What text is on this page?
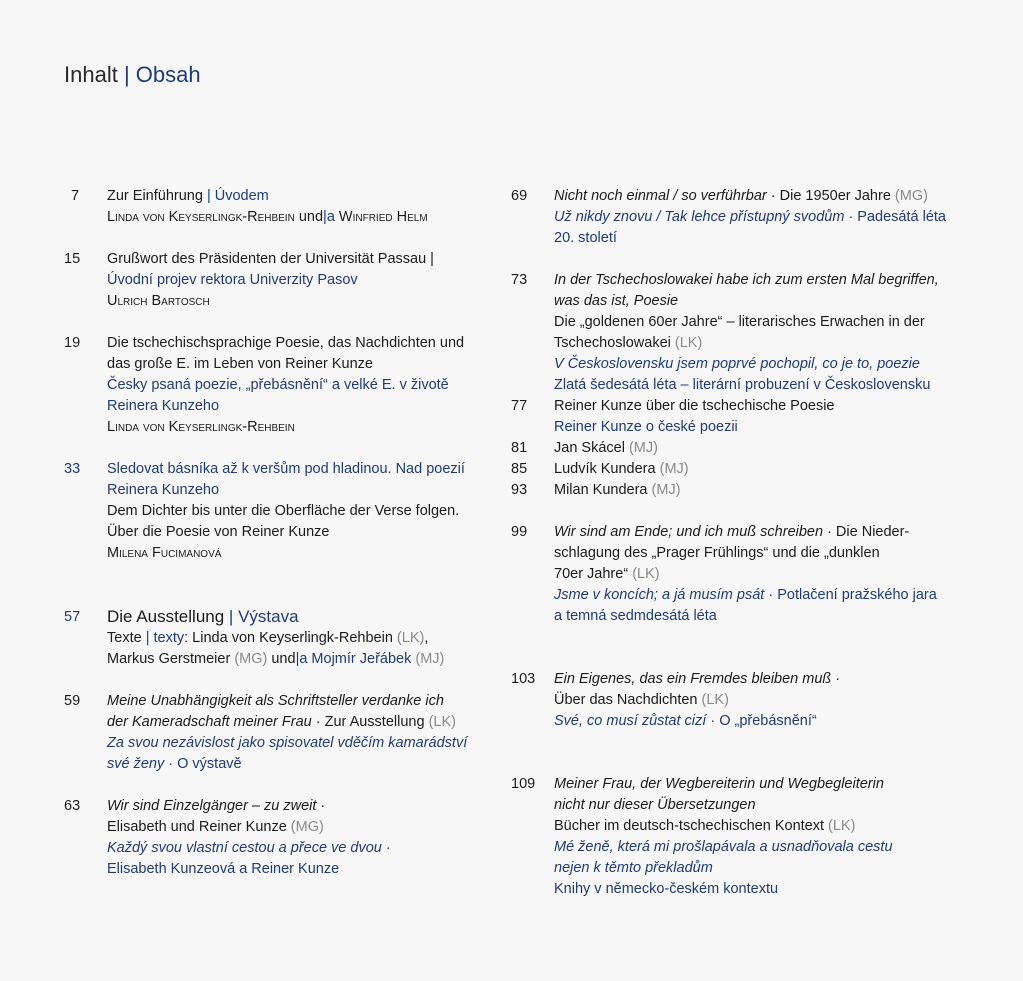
Inhalt | Obsah
7	Zur Einführung | Úvodem
Linda von Keyserlingk-Rehbein und|a Winfried Helm
15	Grußwort des Präsidenten der Universität Passau |
Úvodní projev rektora Univerzity Pasov
Ulrich Bartosch
19	Die tschechischsprachige Poesie, das Nachdichten und
das große E. im Leben von Reiner Kunze
Česky psaná poezie, „přebásnění“ a velké E. v životě
Reinera Kunzeho
Linda von Keyserlingk-Rehbein
33	Sledovat básníka až k veršům pod hladinou. Nad poezií
Reinera Kunzeho
Dem Dichter bis unter die Oberfläche der Verse folgen.
Über die Poesie von Reiner Kunze
Milena Fucimanová
57	Die Ausstellung | Výstava
Texte | texty: Linda von Keyserlingk-Rehbein (LK),
Markus Gerstmeier (MG) und|a Mojmír Jeřábek (MJ)
59	Meine Unabhängigkeit als Schriftsteller verdanke ich
der Kameradschaft meiner Frau · Zur Ausstellung (LK)
Za svou nezávislost jako spisovatel vděčím kamarádství
své ženy · O výstavě
63	Wir sind Einzelgänger – zu zweit ·
Elisabeth und Reiner Kunze (MG)
Každý svou vlastní cestou a přece ve dvou ·
Elisabeth Kunzeová a Reiner Kunze
69	Nicht noch einmal / so verführbar · Die 1950er Jahre (MG)
Už nikdy znovu / Tak lehce přístupný svodům · Padesátá léta
20. století
73	In der Tschechoslowakei habe ich zum ersten Mal begriffen,
was das ist, Poesie
Die „goldenen 60er Jahre“ – literarisches Erwachen in der
Tschechoslowakei (LK)
V Československu jsem poprvé pochopil, co je to, poezie
Zlatá šedesátá léta – literární probuzení v Československu
77	Reiner Kunze über die tschechische Poesie
Reiner Kunze o české poezii
81	Jan Skácel (MJ)
85	Ludvík Kundera (MJ)
93	Milan Kundera (MJ)
99	Wir sind am Ende; und ich muß schreiben · Die Nieder-
schlagung des „Prager Frühlings“ und die „dunklen
70er Jahre“ (LK)
Jsme v koncích; a já musím psát · Potlačení pražského jara
a temná sedmdesátá léta
103	Ein Eigenes, das ein Fremdes bleiben muß ·
Über das Nachdichten (LK)
Své, co musí zůstat cizí · O „přebásnění“
109	Meiner Frau, der Wegbereiterin und Wegbegleiterin
nicht nur dieser Übersetzungen
Bücher im deutsch-tschechischen Kontext (LK)
Mé ženě, která mi prošlapávala a usnadňovala cestu
nejen k těmto překladům
Knihy v německo-českém kontextu
